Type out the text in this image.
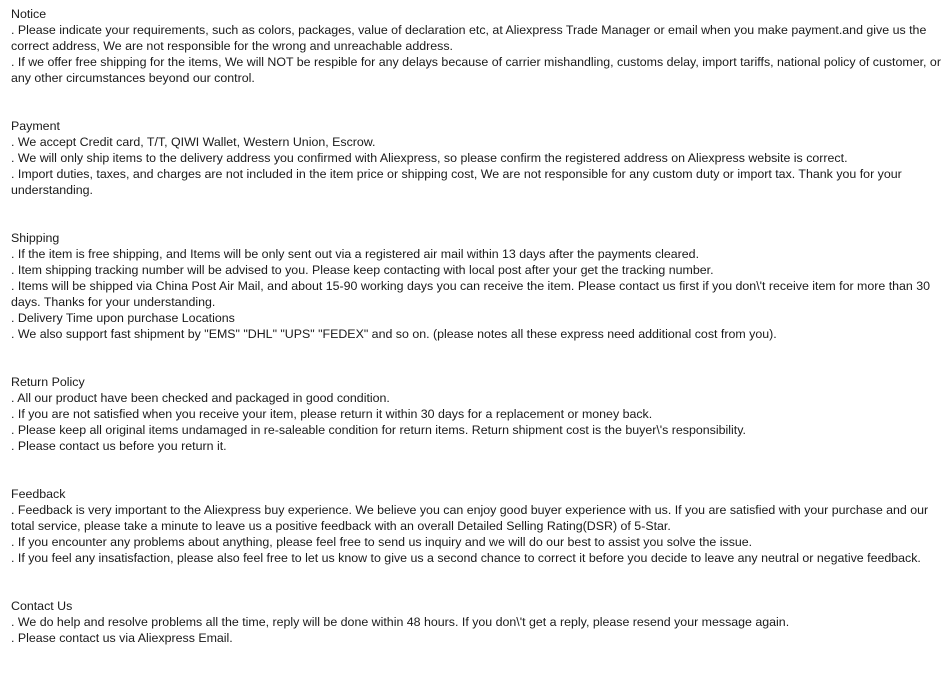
Notice
. Please indicate your requirements, such as colors, packages, value of declaration etc, at Aliexpress Trade Manager or email when you make payment.and give us the correct address, We are not responsible for the wrong and unreachable address.
. If we offer free shipping for the items, We will NOT be respible for any delays because of carrier mishandling, customs delay, import tariffs, national policy of customer, or any other circumstances beyond our control.
Payment
. We accept Credit card, T/T, QIWI Wallet, Western Union, Escrow.
. We will only ship items to the delivery address you confirmed with Aliexpress, so please confirm the registered address on Aliexpress website is correct.
. Import duties, taxes, and charges are not included in the item price or shipping cost, We are not responsible for any custom duty or import tax. Thank you for your understanding.
Shipping
. If the item is free shipping, and Items will be only sent out via a registered air mail within 13 days after the payments cleared.
. Item shipping tracking number will be advised to you. Please keep contacting with local post after your get the tracking number.
. Items will be shipped via China Post Air Mail, and about 15-90 working days you can receive the item. Please contact us first if you don\'t receive item for more than 30 days. Thanks for your understanding.
. Delivery Time upon purchase Locations
. We also support fast shipment by "EMS" "DHL" "UPS" "FEDEX" and so on. (please notes all these express need additional cost from you).
Return Policy
. All our product have been checked and packaged in good condition.
. If you are not satisfied when you receive your item, please return it within 30 days for a replacement or money back.
. Please keep all original items undamaged in re-saleable condition for return items. Return shipment cost is the buyer\'s responsibility.
. Please contact us before you return it.
Feedback
. Feedback is very important to the Aliexpress buy experience. We believe you can enjoy good buyer experience with us. If you are satisfied with your purchase and our total service, please take a minute to leave us a positive feedback with an overall Detailed Selling Rating(DSR) of 5-Star.
. If you encounter any problems about anything, please feel free to send us inquiry and we will do our best to assist you solve the issue.
. If you feel any insatisfaction, please also feel free to let us know to give us a second chance to correct it before you decide to leave any neutral or negative feedback.
Contact Us
. We do help and resolve problems all the time, reply will be done within 48 hours. If you don\'t get a reply, please resend your message again.
. Please contact us via Aliexpress Email.
